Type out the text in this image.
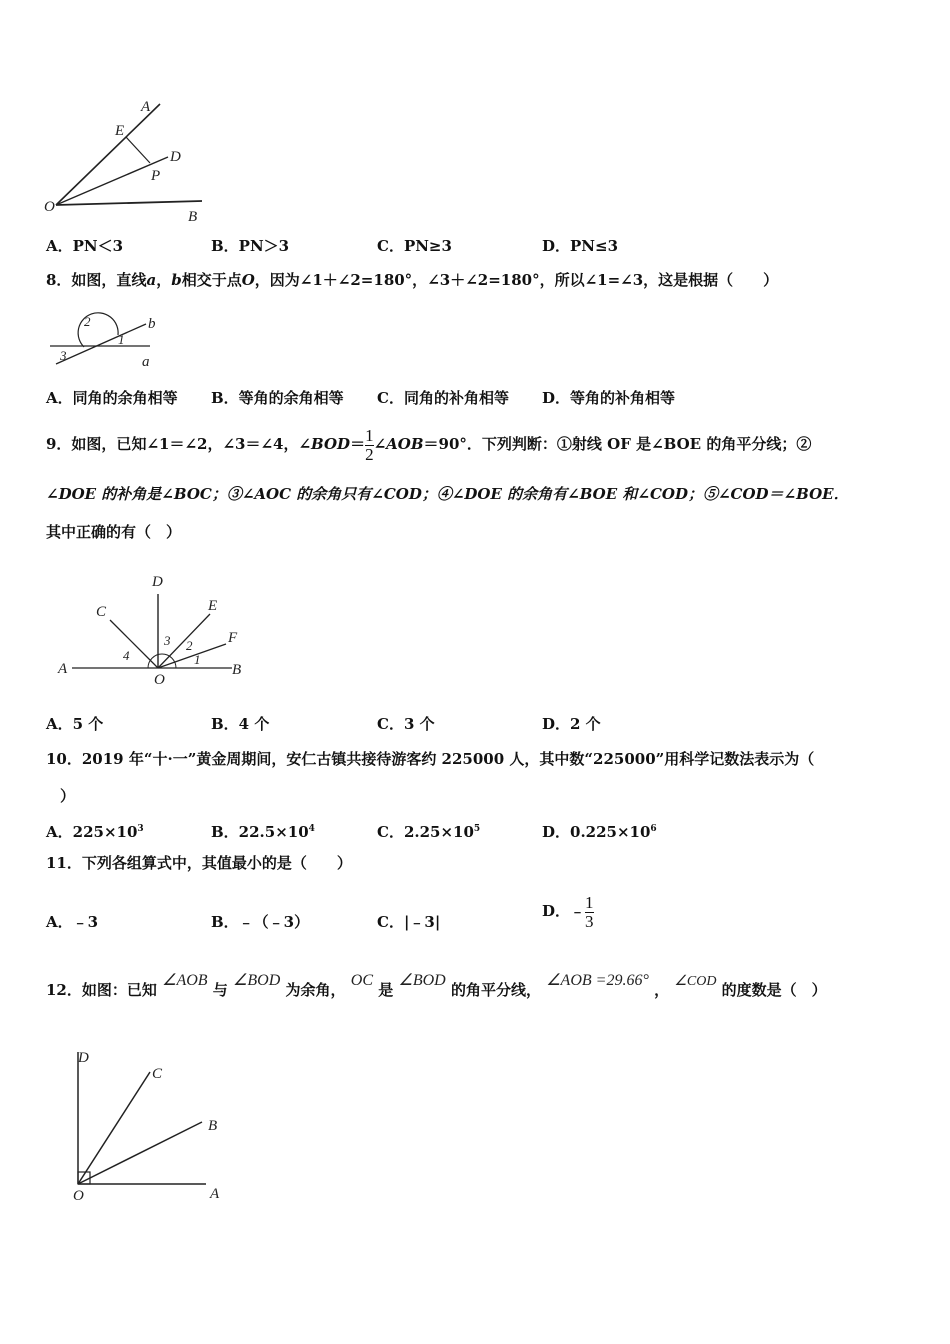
A
E
D
P
O
B
A．PN＜3	B．PN＞3	C．PN≥3	D．PN≤3
8．如图，直线a，b相交于点O，因为∠1＋∠2=180°，∠3＋∠2=180°，所以∠1=∠3，这是根据（　　）
2
1
3
b
a
A．同角的余角相等 B．等角的余角相等 C．同角的补角相等 D．等角的补角相等
9．如图，已知∠1＝∠2，∠3＝∠4，∠BOD＝ $\frac{1}{2}$ ∠AOB＝90°．下列判断：①射线 OF 是∠BOE 的角平分线；②
∠DOE 的补角是∠BOC；③∠AOC 的余角只有∠COD；④∠DOE 的余角有∠BOE 和∠COD；⑤∠COD＝∠BOE．
其中正确的有（　）
D
C	E
F
A
O
B
3 2
1
4
A．5 个	B．4 个	C．3 个	D．2 个
10．2019 年“十·一”黄金周期间，安仁古镇共接待游客约 225000 人，其中数“225000”用科学记数法表示为（
）
A．$225\times 10^3$	B．$22.5\times 10^4$	C．$2.25\times 10^5$	D．$0.225\times 10^6$
11．下列各组算式中，其值最小的是（　　）
A．﹣3	B．﹣（﹣3）	C．|﹣3|
D．﹣ $\frac{1}{3}$
12．如图：已知 ∠AOB 与 ∠BOD 为余角， OC 是 ∠BOD 的角平分线， ∠AOB =29.66° ， ∠COD 的度数是（　）
D
C
B
O	A
